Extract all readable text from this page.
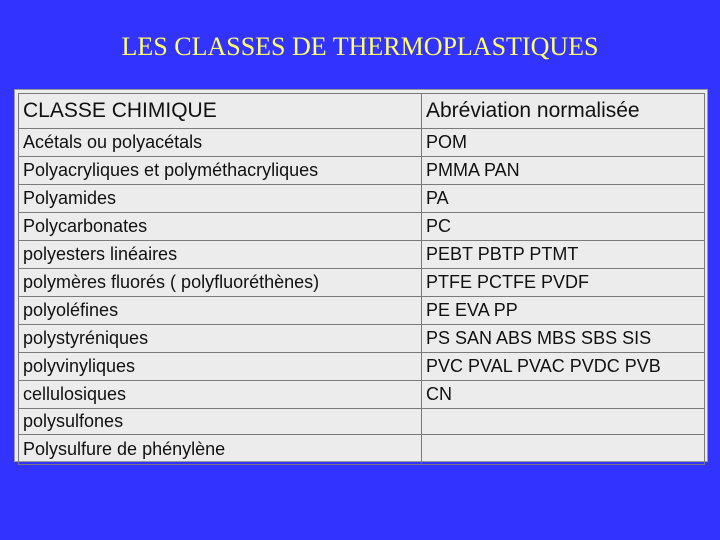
LES CLASSES DE THERMOPLASTIQUES
CLASSE CHIMIQUE	Abréviation normalisée
Acétals ou polyacétals	POM
Polyacryliques et polyméthacryliques	PMMA PAN
Polyamides	PA
Polycarbonates	PC
polyesters linéaires	PEBT PBTP PTMT
polymères fluorés ( polyfluoréthènes)	PTFE PCTFE PVDF
polyoléfines	PE EVA PP
polystyréniques	PS SAN ABS MBS SBS SIS
polyvinyliques	PVC PVAL PVAC PVDC PVB
cellulosiques	CN
polysulfones	
Polysulfure de phénylène	
